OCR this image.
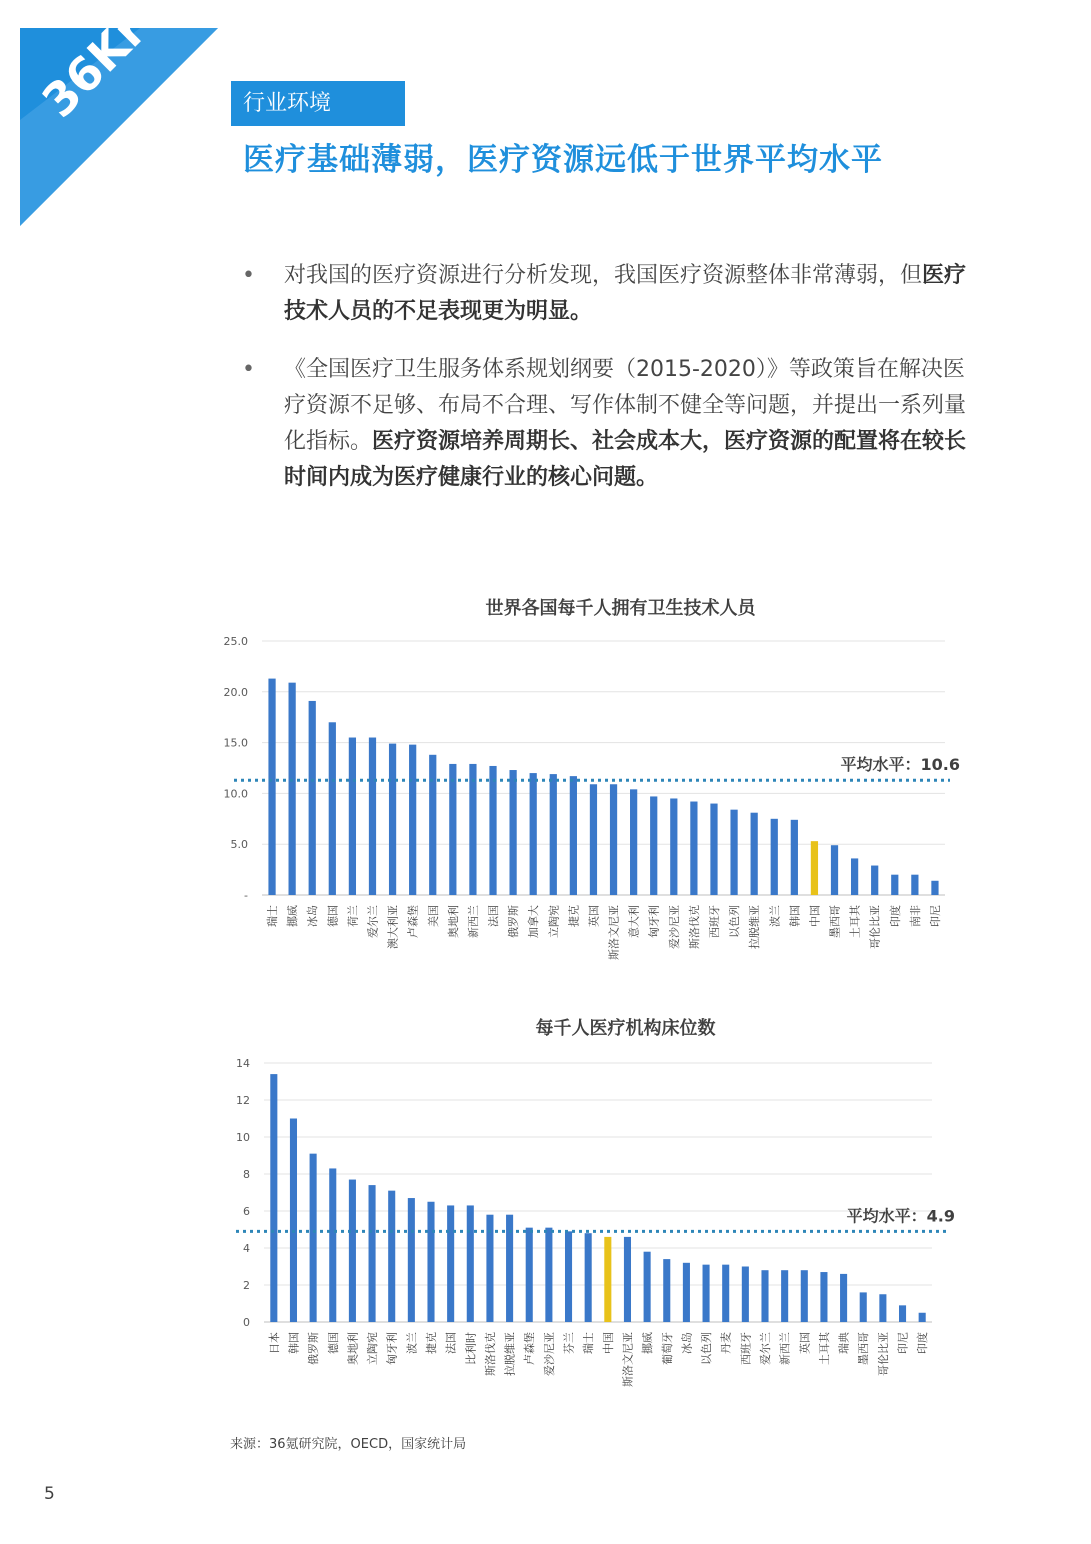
36Kr	行业环境
医疗基础薄弱，医疗资源远低于世界平均水平
• 对我国的医疗资源进行分析发现，我国医疗资源整体非常薄弱，但医疗技术人员的不足表现更为明显。
• 《全国医疗卫生服务体系规划纲要（2015-2020）》等政策旨在解决医疗资源不足够、布局不合理、写作体制不健全等问题，并提出一系列量化指标。医疗资源培养周期长、社会成本大，医疗资源的配置将在较长时间内成为医疗健康行业的核心问题。
世界各国每千人拥有卫生技术人员
-
5.0
10.0
15.0
20.0
25.0
瑞士 挪威 冰岛 德国 荷兰 爱尔兰 澳大利亚 卢森堡 美国 奥地利 新西兰 法国 俄罗斯 加拿大 立陶宛 捷克 英国 斯洛文尼亚 意大利 匈牙利 爱沙尼亚 斯洛伐克 西班牙 以色列 拉脱维亚 波兰 韩国 中国 墨西哥 土耳其 哥伦比亚 印度 南非 印尼
平均水平：10.6
每千人医疗机构床位数
0
2
4
6
8
10
12
14
日本 韩国 俄罗斯 德国 奥地利 立陶宛 匈牙利 波兰 捷克 法国 比利时 斯洛伐克 拉脱维亚 卢森堡 爱沙尼亚 芬兰 瑞士 中国 斯洛文尼亚 挪威 葡萄牙 冰岛 以色列 丹麦 西班牙 爱尔兰 新西兰 英国 土耳其 瑞典 墨西哥 哥伦比亚 印尼 印度
平均水平：4.9
来源：36氪研究院，OECD，国家统计局
5
